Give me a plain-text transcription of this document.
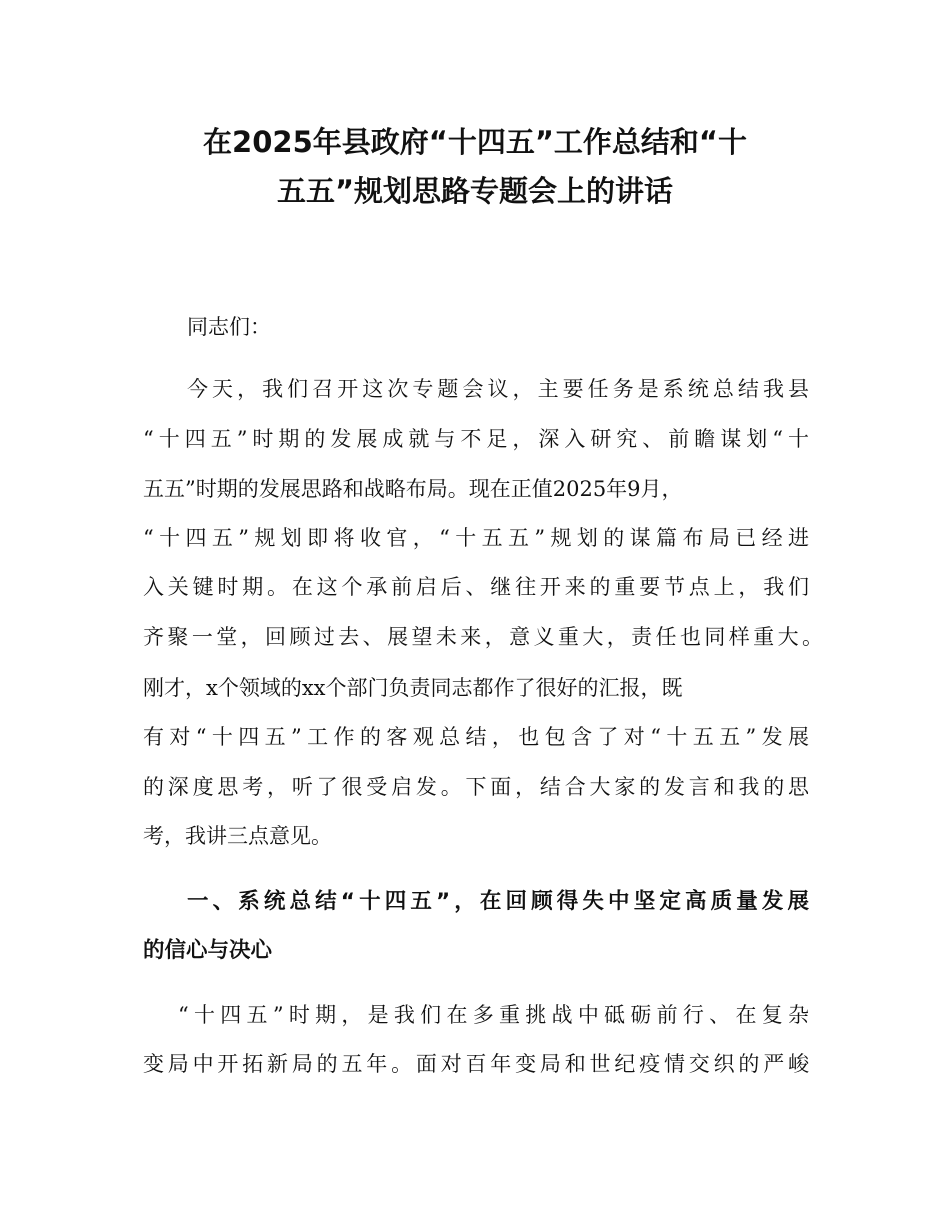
在2025年县政府“十四五”工作总结和“十
五五”规划思路专题会上的讲话
同志们：
今天，我们召开这次专题会议，主要任务是系统总结我县
“十四五”时期的发展成就与不足，深入研究、前瞻谋划“十
五五”时期的发展思路和战略布局。现在正值2025年9月，
“十四五”规划即将收官，“十五五”规划的谋篇布局已经进
入关键时期。在这个承前启后、继往开来的重要节点上，我们
齐聚一堂，回顾过去、展望未来，意义重大，责任也同样重大。
刚才，x个领域的xx个部门负责同志都作了很好的汇报，既
有对“十四五”工作的客观总结，也包含了对“十五五”发展
的深度思考，听了很受启发。下面，结合大家的发言和我的思
考，我讲三点意见。
一、系统总结“十四五”，在回顾得失中坚定高质量发展
的信心与决心
“十四五”时期，是我们在多重挑战中砥砺前行、在复杂
变局中开拓新局的五年。面对百年变局和世纪疫情交织的严峻
